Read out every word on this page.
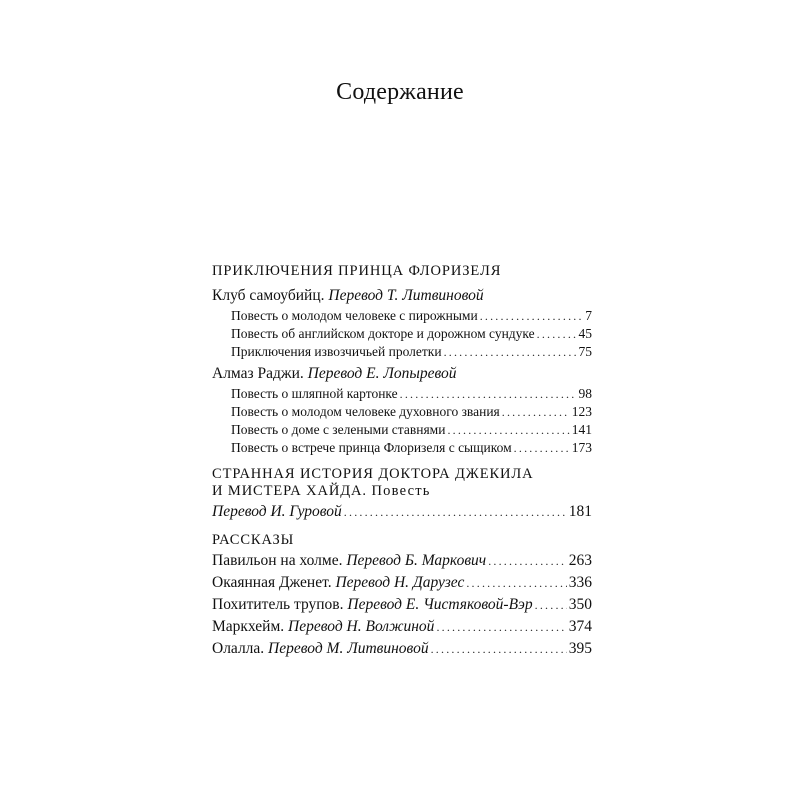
Содержание
ПРИКЛЮЧЕНИЯ ПРИНЦА ФЛОРИЗЕЛЯ
Клуб самоубийц.
Перевод Т. Литвиновой
Повесть о молодом человеке с пирожными .....	7
Повесть об английском докторе и дорожном сундуке .....	45
Приключения извозчичьей пролетки .....	75
Алмаз Раджи.
Перевод Е. Лопыревой
Повесть о шляпной картонке .....	98
Повесть о молодом человеке духовного звания .....	123
Повесть о доме с зелеными ставнями .....	141
Повесть о встрече принца Флоризеля с сыщиком .....	173
СТРАННАЯ ИСТОРИЯ ДОКТОРА ДЖЕКИЛА
И МИСТЕРА ХАЙДА. Повесть
Перевод И. Гуровой .....	181
РАССКАЗЫ
Павильон на холме.
Перевод Б. Маркович .....	263
Окаянная Дженет.
Перевод Н. Дарузес .....	336
Похититель трупов.
Перевод Е. Чистяковой-Вэр ..... 350
Маркхейм.
Перевод Н. Волжиной .....	374
Олалла.
Перевод М. Литвиновой .....	395
